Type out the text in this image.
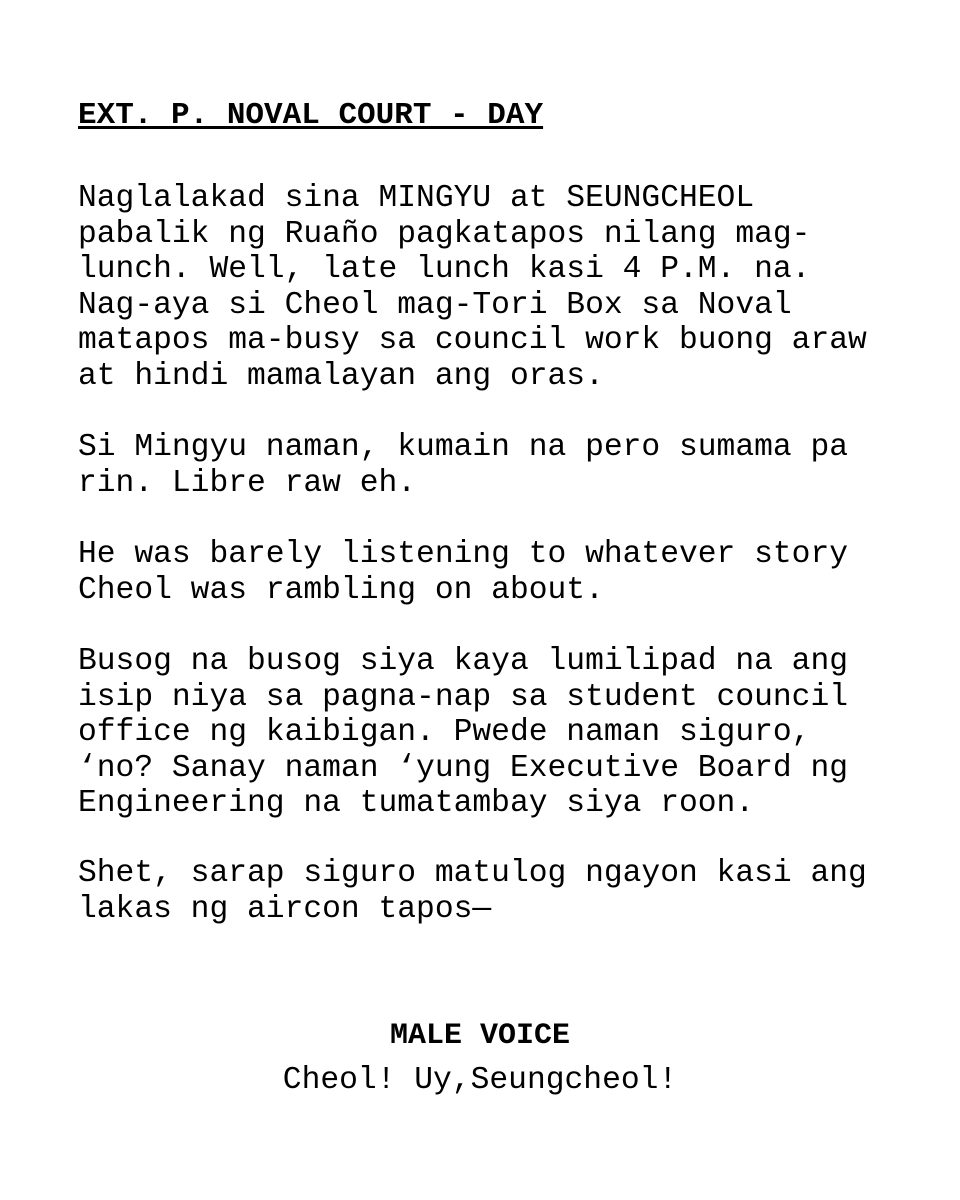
EXT. P. NOVAL COURT - DAY

Naglalakad sina MINGYU at SEUNGCHEOL
pabalik ng Ruaño pagkatapos nilang mag-
lunch. Well, late lunch kasi 4 P.M. na.
Nag-aya si Cheol mag-Tori Box sa Noval
matapos ma-busy sa council work buong araw
at hindi mamalayan ang oras.

Si Mingyu naman, kumain na pero sumama pa
rin. Libre raw eh.

He was barely listening to whatever story
Cheol was rambling on about.

Busog na busog siya kaya lumilipad na ang
isip niya sa pagna-nap sa student council
office ng kaibigan. Pwede naman siguro,
‘no? Sanay naman ‘yung Executive Board ng
Engineering na tumatambay siya roon.

Shet, sarap siguro matulog ngayon kasi ang
lakas ng aircon tapos—

MALE VOICE
Cheol! Uy,Seungcheol!
